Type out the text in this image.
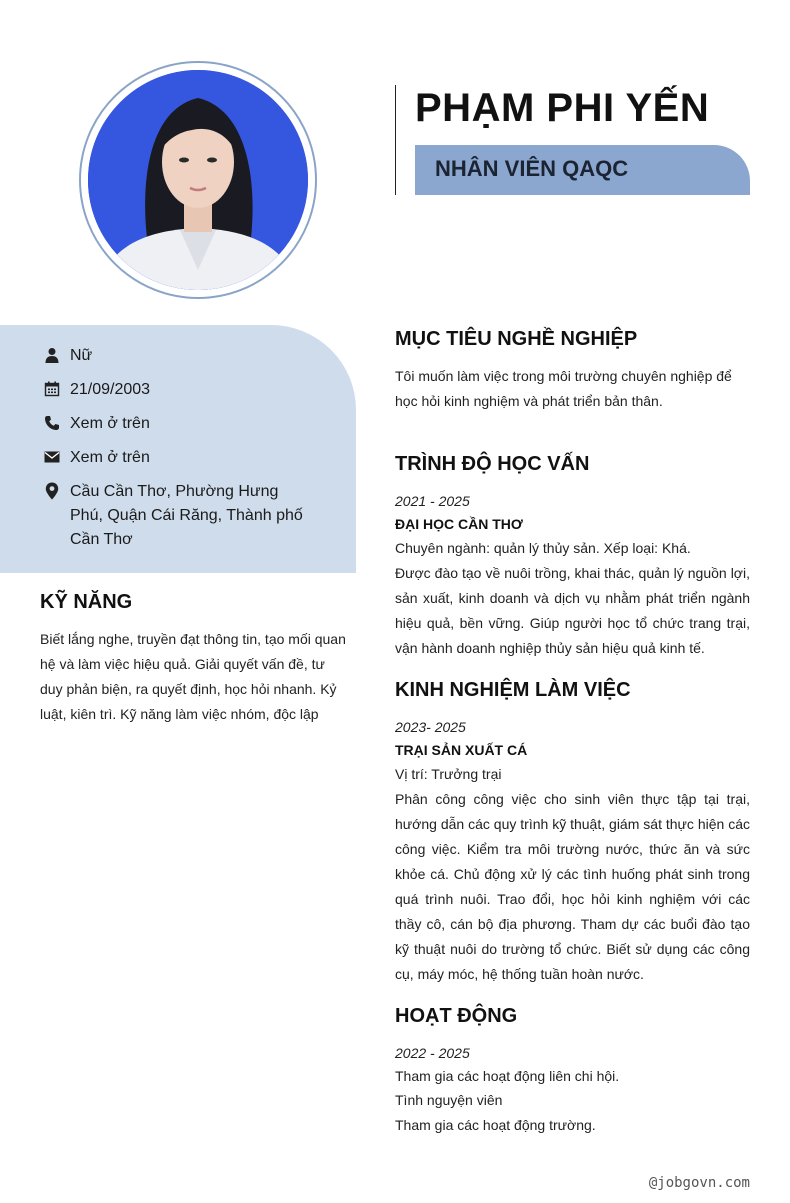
PHẠM PHI YẾN
NHÂN VIÊN QAQC
Nữ
21/09/2003
Xem ở trên
Xem ở trên
Cầu Cần Thơ, Phường Hưng Phú, Quận Cái Răng, Thành phố Cần Thơ
KỸ NĂNG
Biết lắng nghe, truyền đạt thông tin, tạo mối quan hệ và làm việc hiệu quả. Giải quyết vấn đề, tư duy phản biện, ra quyết định, học hỏi nhanh. Kỷ luật, kiên trì. Kỹ năng làm việc nhóm, độc lập
MỤC TIÊU NGHỀ NGHIỆP
Tôi muốn làm việc trong môi trường chuyên nghiệp để học hỏi kinh nghiệm và phát triển bản thân.
TRÌNH ĐỘ HỌC VẤN
2021 - 2025
ĐẠI HỌC CẦN THƠ
Chuyên ngành: quản lý thủy sản. Xếp loại: Khá.
Được đào tạo về nuôi trồng, khai thác, quản lý nguồn lợi, sản xuất, kinh doanh và dịch vụ nhằm phát triển ngành hiệu quả, bền vững. Giúp người học tổ chức trang trại, vận hành doanh nghiệp thủy sản hiệu quả kinh tế.
KINH NGHIỆM LÀM VIỆC
2023- 2025
TRẠI SẢN XUẤT CÁ
Vị trí: Trưởng trại
Phân công công việc cho sinh viên thực tập tại trại, hướng dẫn các quy trình kỹ thuật, giám sát thực hiện các công việc. Kiểm tra môi trường nước, thức ăn và sức khỏe cá. Chủ động xử lý các tình huống phát sinh trong quá trình nuôi. Trao đổi, học hỏi kinh nghiệm với các thầy cô, cán bộ địa phương. Tham dự các buổi đào tạo kỹ thuật nuôi do trường tổ chức. Biết sử dụng các công cụ, máy móc, hệ thống tuần hoàn nước.
HOẠT ĐỘNG
2022 - 2025
Tham gia các hoạt động liên chi hội.
Tình nguyện viên
Tham gia các hoạt động trường.
@jobgovn.com
